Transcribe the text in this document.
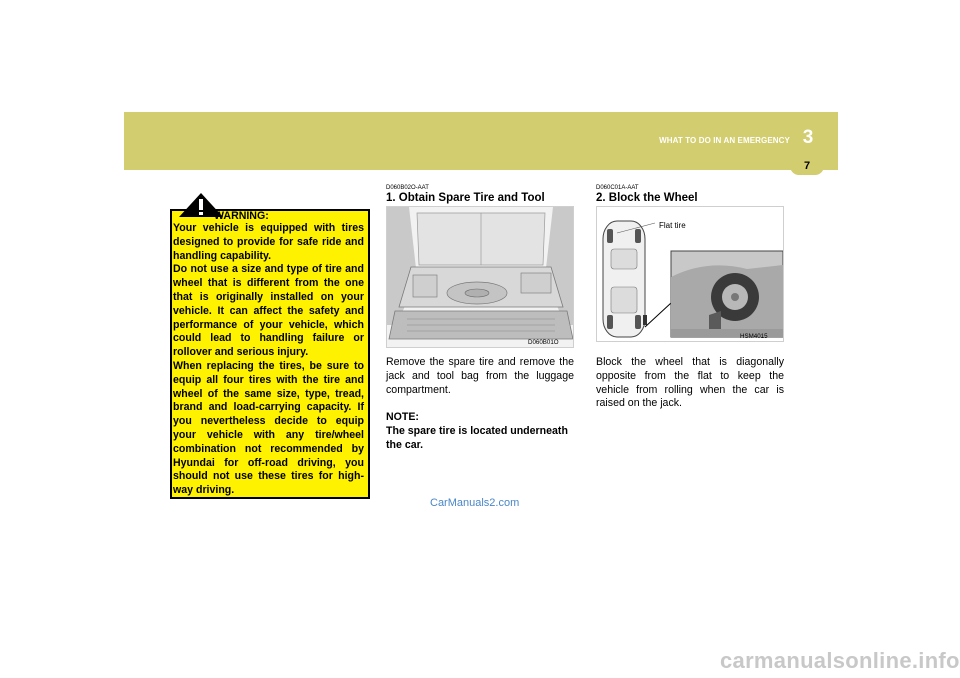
WHAT TO DO IN AN EMERGENCY 3
7
WARNING:
Your vehicle is equipped with tires designed to provide for safe ride and handling capability.
Do not use a size and type of tire and wheel that is different from the one that is originally installed on your vehicle. It can affect the safety and performance of your vehicle, which could lead to handling failure or rollover and serious injury.
When replacing the tires, be sure to equip all four tires with the tire and wheel of the same size, type, tread, brand and load-carrying capacity. If you nevertheless decide to equip your vehicle with any tire/wheel combination not recommended by Hyundai for off-road driving, you should not use these tires for high-way driving.
D060B02O-AAT
1. Obtain Spare Tire and Tool
D060B01O
Remove the spare tire and remove the jack and tool bag from the luggage compartment.
NOTE:
The spare tire is located underneath the car.
D060C01A-AAT
2. Block the Wheel
Flat tire
HSM4015
Block the wheel that is diagonally opposite from the flat to keep the vehicle from rolling when the car is raised on the jack.
CarManuals2.com
carmanualsonline.info
